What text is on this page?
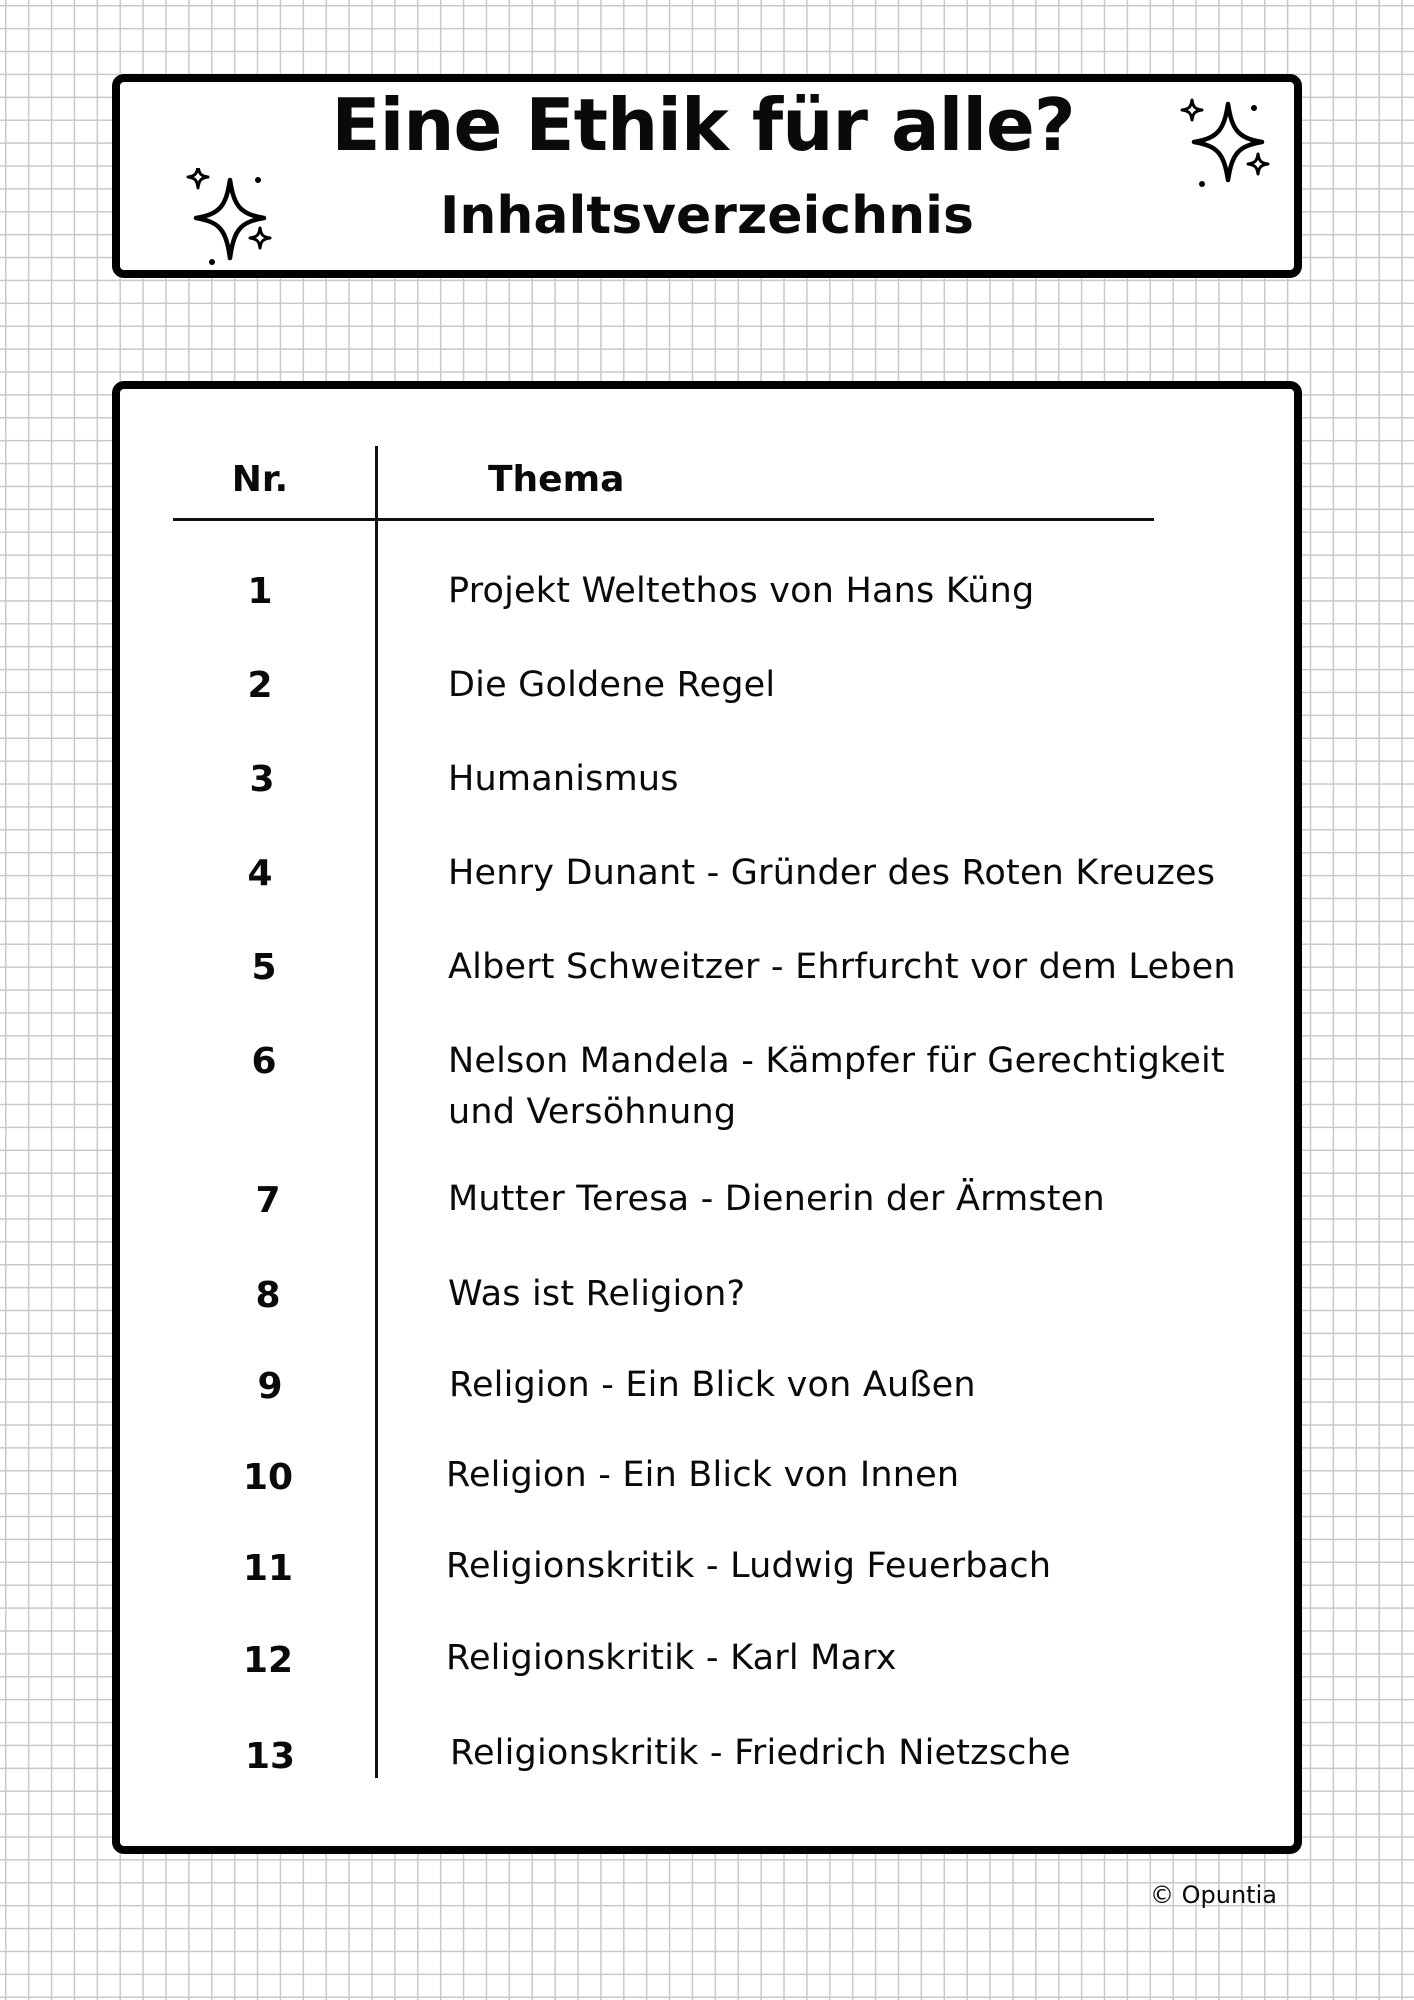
Eine Ethik für alle?
Inhaltsverzeichnis
Nr.	Thema
1	Projekt Weltethos von Hans Küng
2	Die Goldene Regel
3	Humanismus
4	Henry Dunant - Gründer des Roten Kreuzes
5	Albert Schweitzer - Ehrfurcht vor dem Leben
6	Nelson Mandela - Kämpfer für Gerechtigkeit
und Versöhnung
7	Mutter Teresa - Dienerin der Ärmsten
8	Was ist Religion?
9	Religion - Ein Blick von Außen
10	Religion - Ein Blick von Innen
11	Religionskritik - Ludwig Feuerbach
12	Religionskritik - Karl Marx
13	Religionskritik - Friedrich Nietzsche
© Opuntia
